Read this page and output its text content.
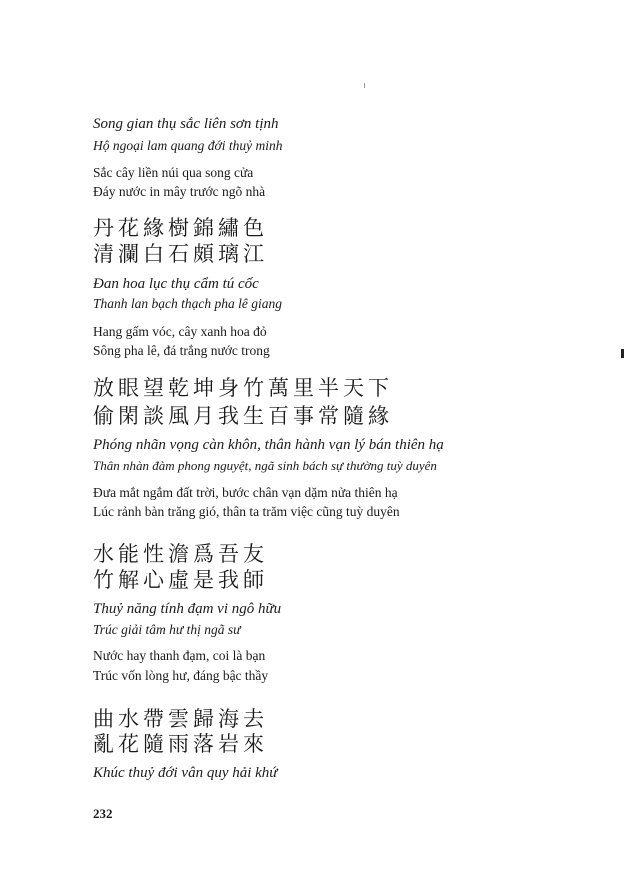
Song gian thụ sắc liên sơn tịnh
Hộ ngoại lam quang đới thuỷ minh
Sắc cây liền núi qua song cửa
Đáy nước in mây trước ngõ nhà
丹花緣樹錦繡色
清瀾白石頗璃江
Đan hoa lục thụ cẩm tú cốc
Thanh lan bạch thạch pha lê giang
Hang gấm vóc, cây xanh hoa đỏ
Sông pha lê, đá trắng nước trong
放眼望乾坤身竹萬里半天下
偷閑談風月我生百事常隨緣
Phóng nhãn vọng càn khôn, thân hành vạn lý bán thiên hạ
Thân nhàn đàm phong nguyệt, ngã sinh bách sự thường tuỳ duyên
Đưa mắt ngắm đất trời, bước chân vạn dặm nửa thiên hạ
Lúc rảnh bàn trăng gió, thân ta trăm việc cũng tuỳ duyên
水能性澹爲吾友
竹解心虛是我師
Thuỷ năng tính đạm vi ngô hữu
Trúc giải tâm hư thị ngã sư
Nước hay thanh đạm, coi là bạn
Trúc vốn lòng hư, đáng bậc thầy
曲水帶雲歸海去
亂花隨雨落岩來
Khúc thuỷ đới vân quy hải khứ
232
